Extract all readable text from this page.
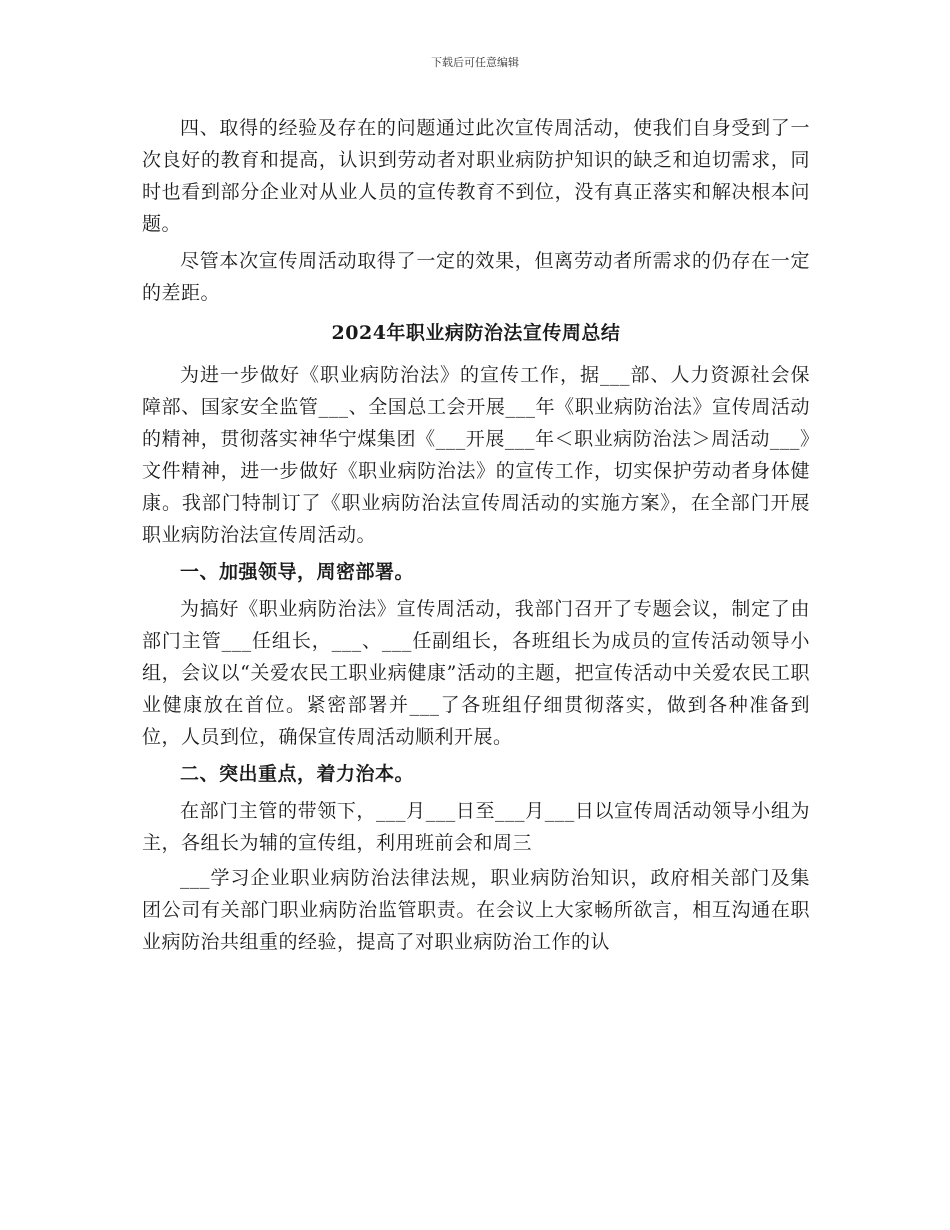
下载后可任意编辑

四、取得的经验及存在的问题通过此次宣传周活动，使我们自身受到了一次良好的教育和提高，认识到劳动者对职业病防护知识的缺乏和迫切需求，同时也看到部分企业对从业人员的宣传教育不到位，没有真正落实和解决根本问题。

尽管本次宣传周活动取得了一定的效果，但离劳动者所需求的仍存在一定的差距。

2024年职业病防治法宣传周总结

为进一步做好《职业病防治法》的宣传工作，据___部、人力资源社会保障部、国家安全监管___、全国总工会开展___年《职业病防治法》宣传周活动的精神，贯彻落实神华宁煤集团《___开展___年＜职业病防治法＞周活动___》文件精神，进一步做好《职业病防治法》的宣传工作，切实保护劳动者身体健康。我部门特制订了《职业病防治法宣传周活动的实施方案》，在全部门开展职业病防治法宣传周活动。

一、加强领导，周密部署。

为搞好《职业病防治法》宣传周活动，我部门召开了专题会议，制定了由部门主管___任组长，___、___任副组长，各班组长为成员的宣传活动领导小组，会议以“关爱农民工职业病健康”活动的主题，把宣传活动中关爱农民工职业健康放在首位。紧密部署并___了各班组仔细贯彻落实，做到各种准备到位，人员到位，确保宣传周活动顺利开展。

二、突出重点，着力治本。

在部门主管的带领下，___月___日至___月___日以宣传周活动领导小组为主，各组长为辅的宣传组，利用班前会和周三

___学习企业职业病防治法律法规，职业病防治知识，政府相关部门及集团公司有关部门职业病防治监管职责。在会议上大家畅所欲言，相互沟通在职业病防治共组重的经验，提高了对职业病防治工作的认
